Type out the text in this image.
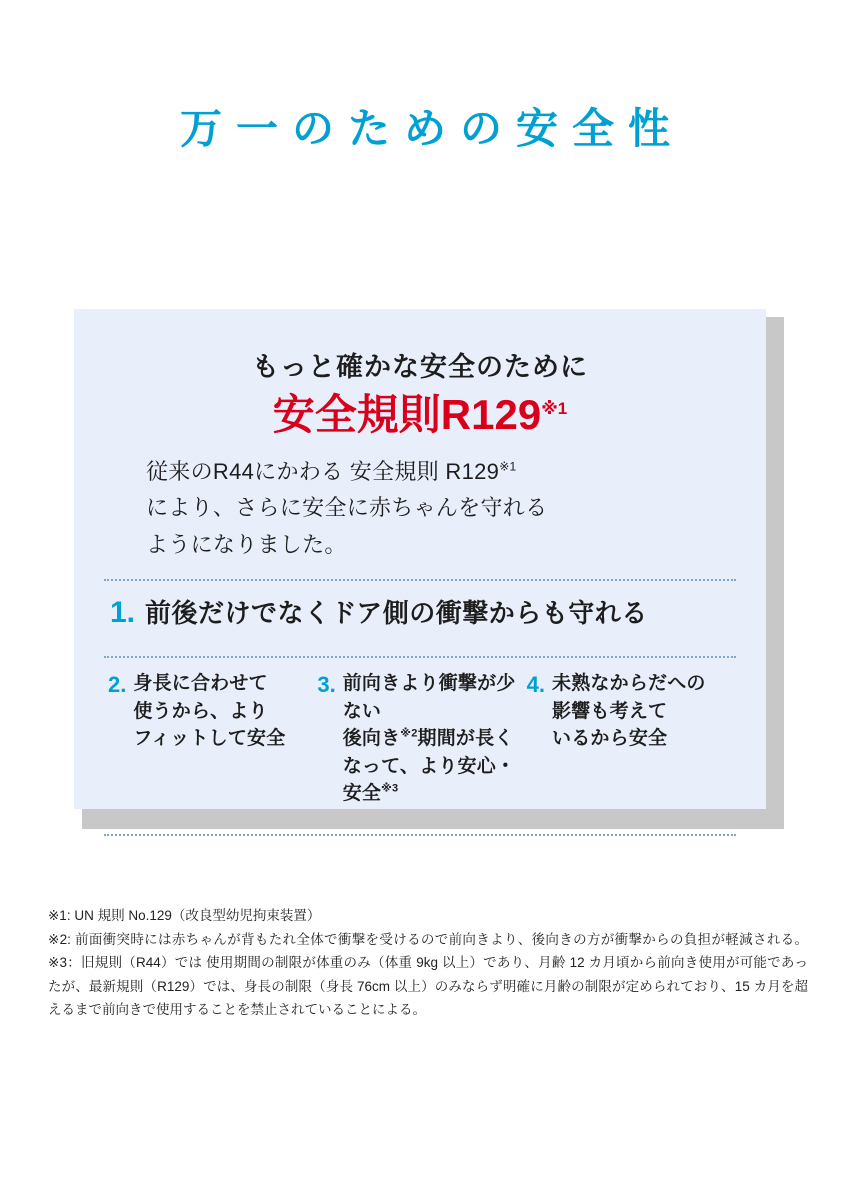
万一のための安全性
もっと確かな安全のために
安全規則R129$^{※1}$
従来のR44にかわる 安全規則 R129$^{※1}$
により、さらに安全に赤ちゃんを守れる
ようになりました。
1. 前後だけでなくドア側の衝撃からも守れる
2. 身長に合わせて
使うから、より
フィットして安全
3. 前向きより衝撃が少ない
後向き$^{※2}$期間が長く
なって、より安心・安全$^{※3}$
4. 未熟なからだへの
影響も考えて
いるから安全

※1: UN 規則 No.129（改良型幼児拘束装置）

※2: 前面衝突時には赤ちゃんが背もたれ全体で衝撃を受けるので前向きより、後向きの方が衝撃からの負担が軽減される。※3：旧規則（R44）では 使用期間の制限が体重のみ（体重 9kg 以上）であり、月齢 12 カ月頃から前向き使用が可能であったが、最新規則（R129）では、身長の制限（身長 76cm 以上）のみならず明確に月齢の制限が定められており、15 カ月を超えるまで前向きで使用することを禁止されていることによる。
